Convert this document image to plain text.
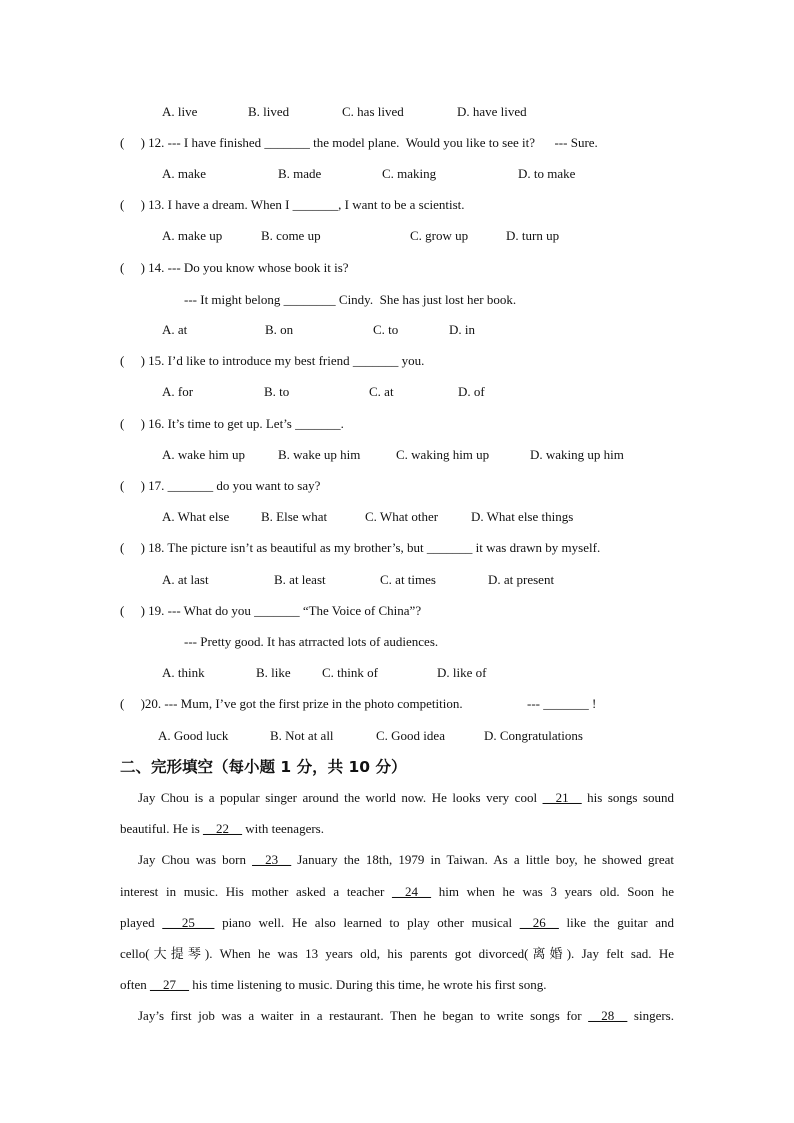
A. live	B. lived	C. has lived	D. have lived
(     ) 12. --- I have finished _______ the model plane.  Would you like to see it?      --- Sure.
A. make	B. made	C. making	D. to make
(     ) 13. I have a dream. When I _______, I want to be a scientist.
A. make up	B. come up	C. grow up	D. turn up
(     ) 14. --- Do you know whose book it is?
--- It might belong ________ Cindy.  She has just lost her book.
A. at	B. on	C. to	D. in
(     ) 15. I’d like to introduce my best friend _______ you.
A. for	B. to	C. at	D. of
(     ) 16. It’s time to get up. Let’s _______.
A. wake him up	B. wake up him	C. waking him up	D. waking up him
(     ) 17. _______ do you want to say?
A. What else B. Else what	C. What other	D. What else things
(     ) 18. The picture isn’t as beautiful as my brother’s, but _______ it was drawn by myself.
A. at last	B. at least	C. at times	D. at present
(     ) 19. --- What do you _______ “The Voice of China”?
--- Pretty good. It has atrracted lots of audiences.
A. think	B. like C. think of	D. like of
(     )20. --- Mum, I’ve got the first prize in the photo competition.	--- _______ !
A. Good luck	B. Not at all	C. Good idea	D. Congratulations
二、完形填空（每小题 1 分，共 10 分）
Jay Chou is a popular singer around the world now. He looks very cool __21__ his songs sound
beautiful. He is __22__ with teenagers.
Jay Chou was born __23__ January the 18th, 1979 in Taiwan. As a little boy, he showed great
interest in music. His mother asked a teacher __24__ him when he was 3 years old. Soon he
played ___25___ piano well. He also learned to play other musical __26__ like the guitar and
cello(大提琴). When he was 13 years old, his parents got divorced(离婚). Jay felt sad. He
often __27__ his time listening to music. During this time, he wrote his first song.
Jay’s first job was a waiter in a restaurant. Then he began to write songs for __28__ singers.
